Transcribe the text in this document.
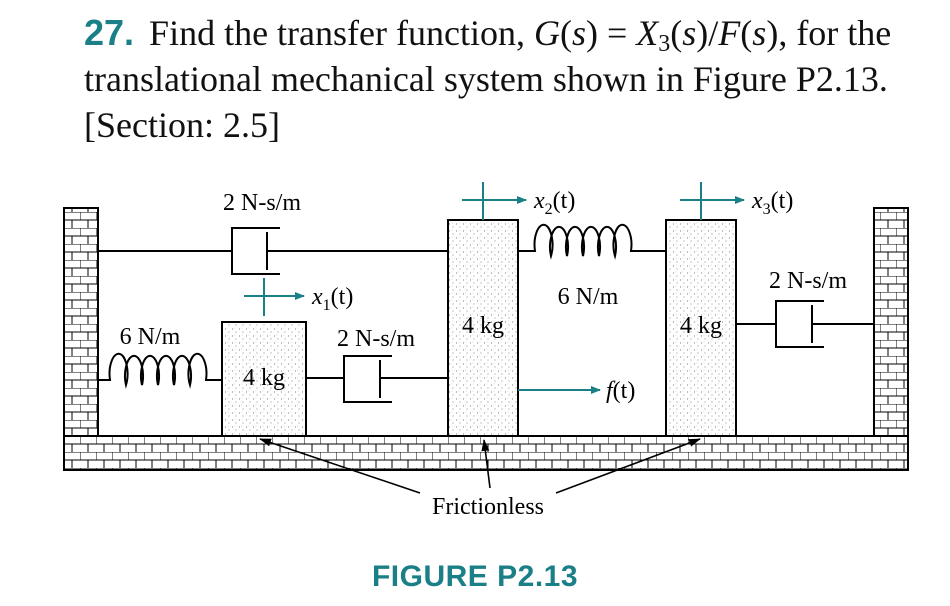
27. Find the transfer function, $G(s) = X_3(s)/F(s)$, for the translational mechanical system shown in Figure P2.13. [Section: 2.5]
4 kg
4 kg	4 kg
2 N-s/m
6 N/m
6 N/m	2 N-s/m
2 N-s/m
$x_1(t)$
$x_2(t)$	$x_3(t)$
f(t)
Frictionless
FIGURE P2.13
